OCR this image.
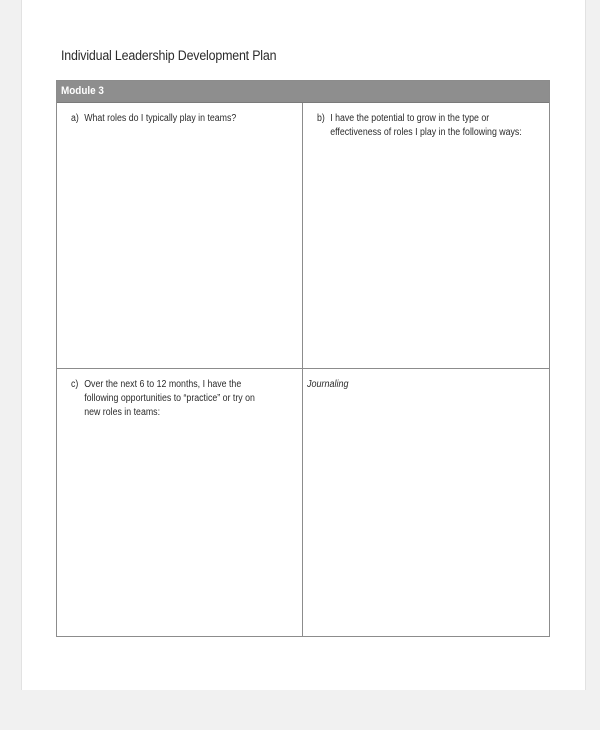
Individual Leadership Development Plan
Module 3
a) What roles do I typically play in teams?	b) I have the potential to grow in the type or effectiveness of roles I play in the following ways:
c) Over the next 6 to 12 months, I have the following opportunities to “practice” or try on new roles in teams:
Journaling
